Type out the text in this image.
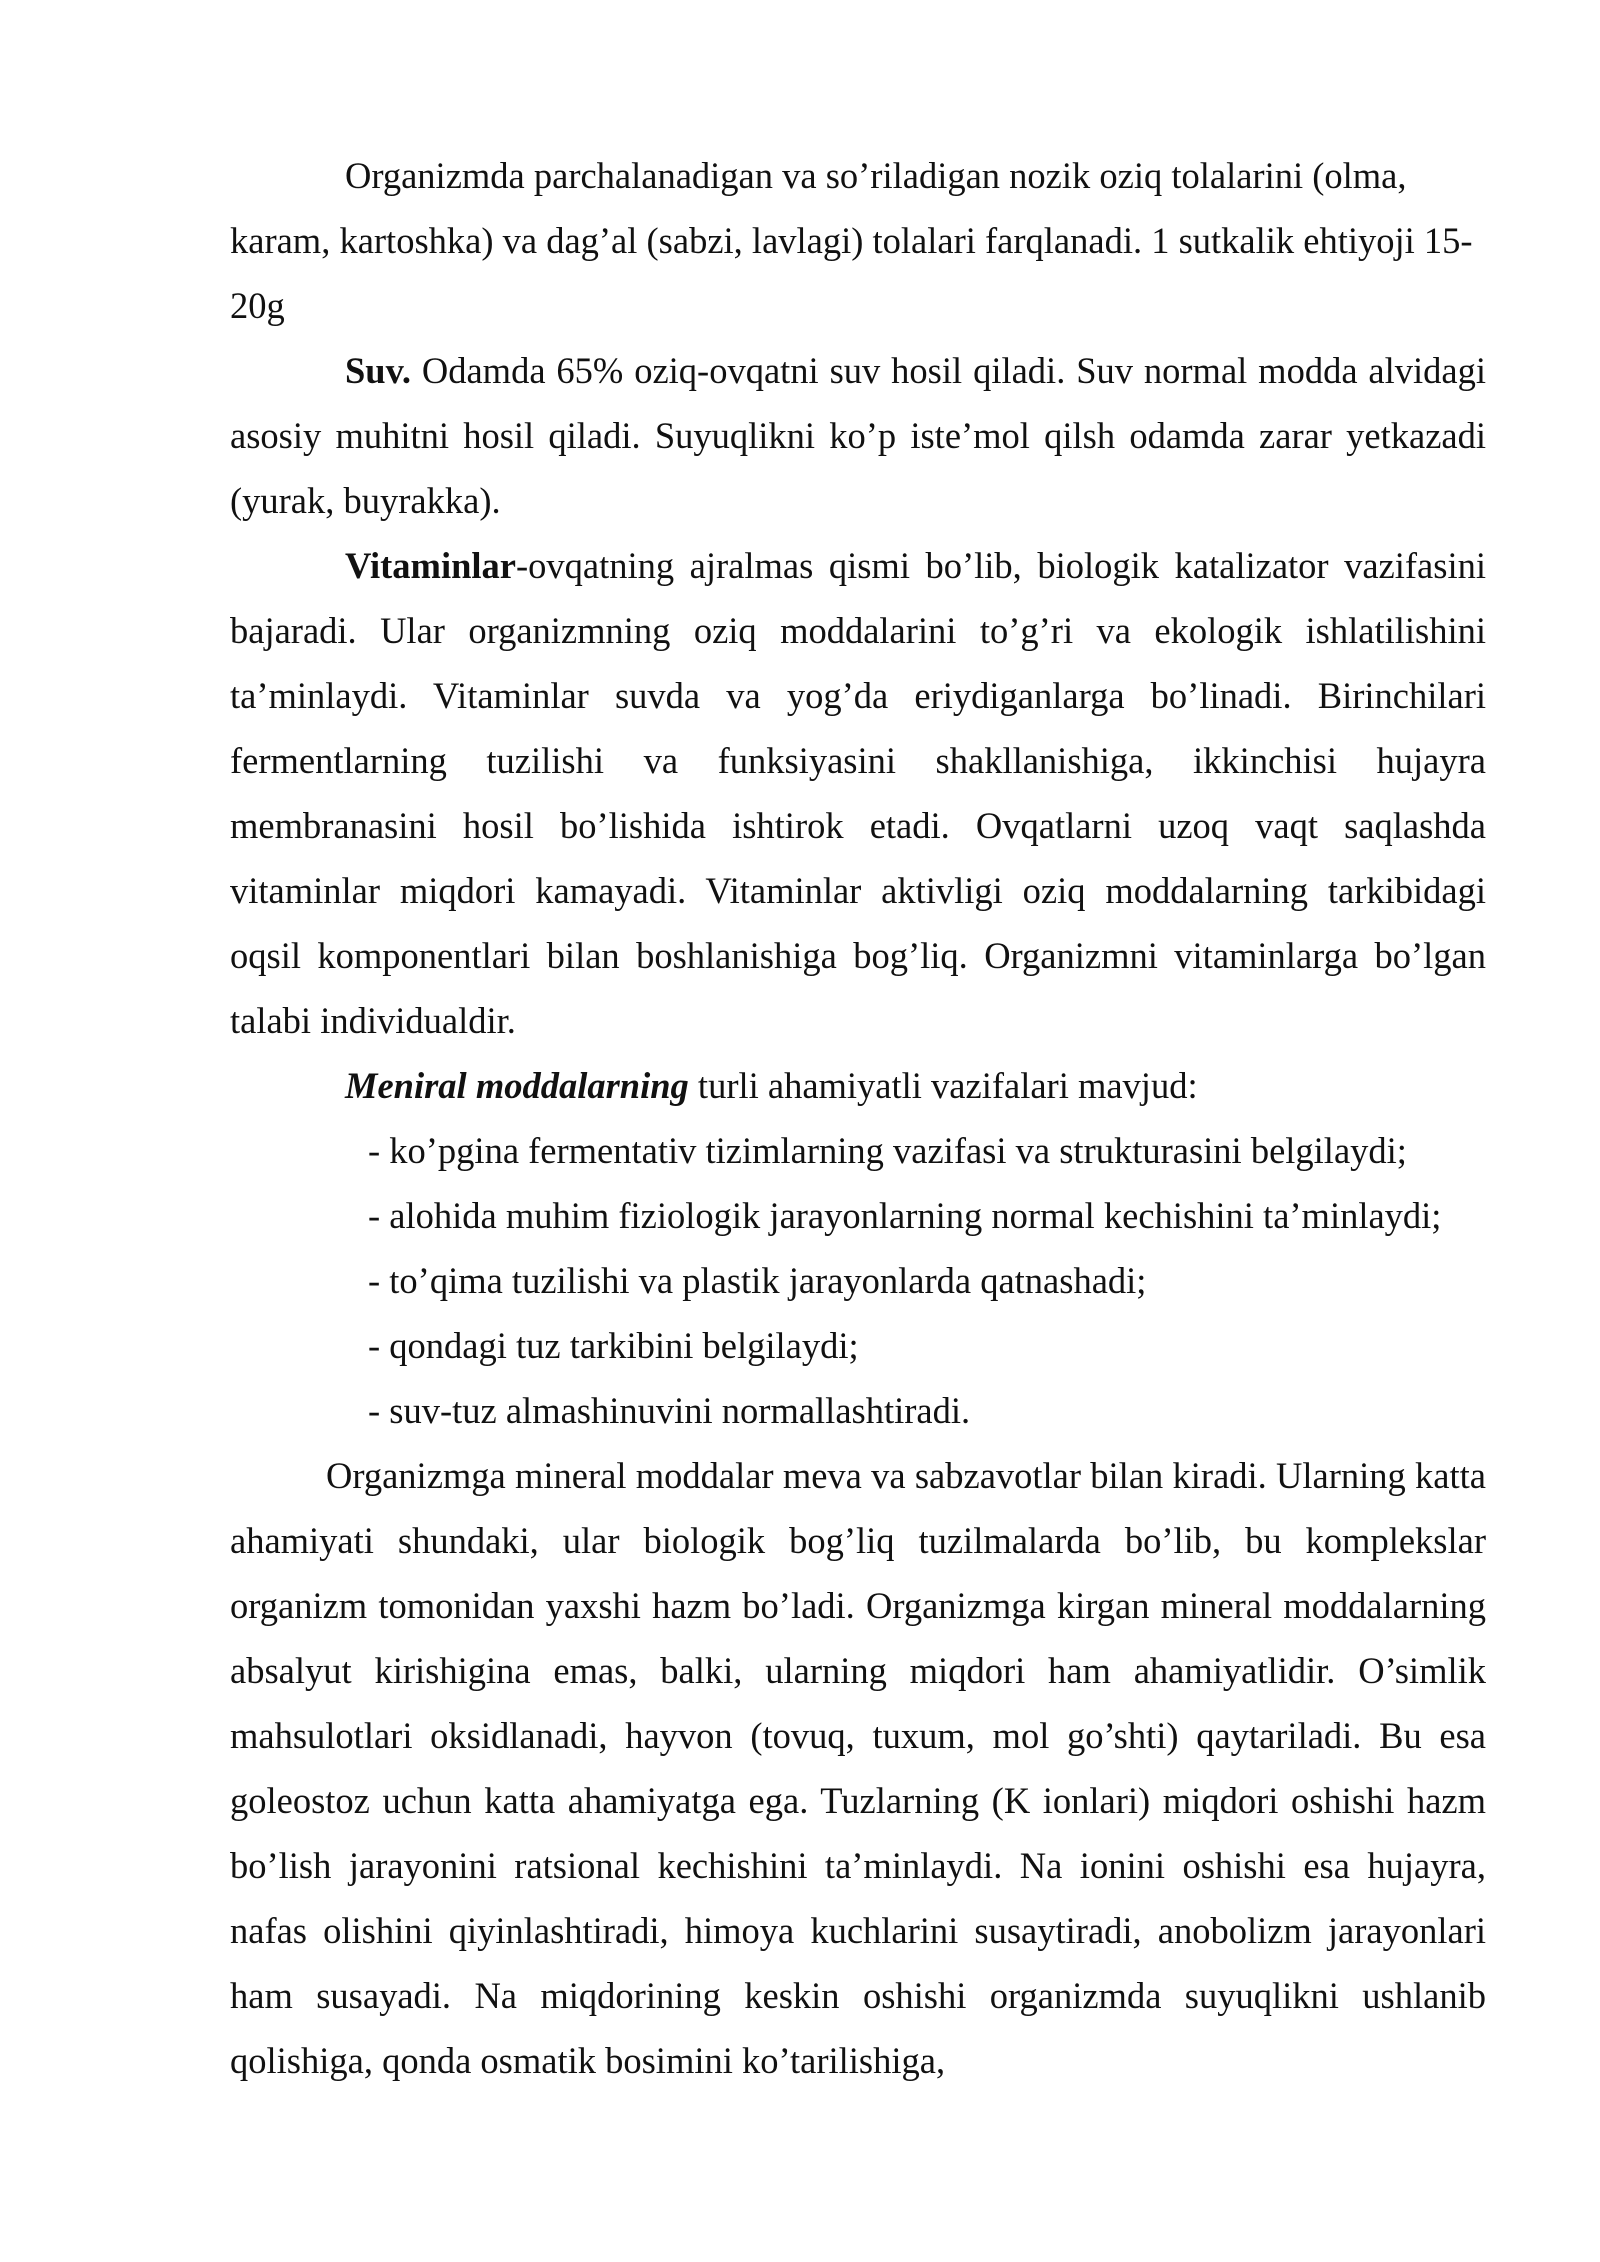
Organizmda parchalanadigan va so’riladigan nozik oziq tolalarini (olma, karam, kartoshka) va dag’al (sabzi, lavlagi) tolalari farqlanadi. 1 sutkalik ehtiyoji 15-20g

Suv. Odamda 65% oziq-ovqatni suv hosil qiladi. Suv normal modda alvidagi asosiy muhitni hosil qiladi. Suyuqlikni ko’p iste’mol qilsh odamda zarar yetkazadi (yurak, buyrakka).

Vitaminlar-ovqatning ajralmas qismi bo’lib, biologik katalizator vazifasini bajaradi. Ular organizmning oziq moddalarini to’g’ri va ekologik ishlatilishini ta’minlaydi. Vitaminlar suvda va yog’da eriydiganlarga bo’linadi. Birinchilari fermentlarning tuzilishi va funksiyasini shakllanishiga, ikkinchisi hujayra membranasini hosil bo’lishida ishtirok etadi. Ovqatlarni uzoq vaqt saqlashda vitaminlar miqdori kamayadi. Vitaminlar aktivligi oziq moddalarning tarkibidagi oqsil komponentlari bilan boshlanishiga bog’liq. Organizmni vitaminlarga bo’lgan talabi individualdir.

Meniral moddalarning turli ahamiyatli vazifalari mavjud:

- ko’pgina fermentativ tizimlarning vazifasi va strukturasini belgilaydi;
- alohida muhim fiziologik jarayonlarning normal kechishini ta’minlaydi;
- to’qima tuzilishi va plastik jarayonlarda qatnashadi;
- qondagi tuz tarkibini belgilaydi;
- suv-tuz almashinuvini normallashtiradi.

Organizmga mineral moddalar meva va sabzavotlar bilan kiradi. Ularning katta ahamiyati shundaki, ular biologik bog’liq tuzilmalarda bo’lib, bu komplekslar organizm tomonidan yaxshi hazm bo’ladi. Organizmga kirgan mineral moddalarning absalyut kirishigina emas, balki, ularning miqdori ham ahamiyatlidir. O’simlik mahsulotlari oksidlanadi, hayvon (tovuq, tuxum, mol go’shti) qaytariladi. Bu esa goleostoz uchun katta ahamiyatga ega. Tuzlarning (K ionlari) miqdori oshishi hazm bo’lish jarayonini ratsional kechishini ta’minlaydi. Na ionini oshishi esa hujayra, nafas olishini qiyinlashtiradi, himoya kuchlarini susaytiradi, anobolizm jarayonlari ham susayadi. Na miqdorining keskin oshishi organizmda suyuqlikni ushlanib qolishiga, qonda osmatik bosimini ko’tarilishiga,
